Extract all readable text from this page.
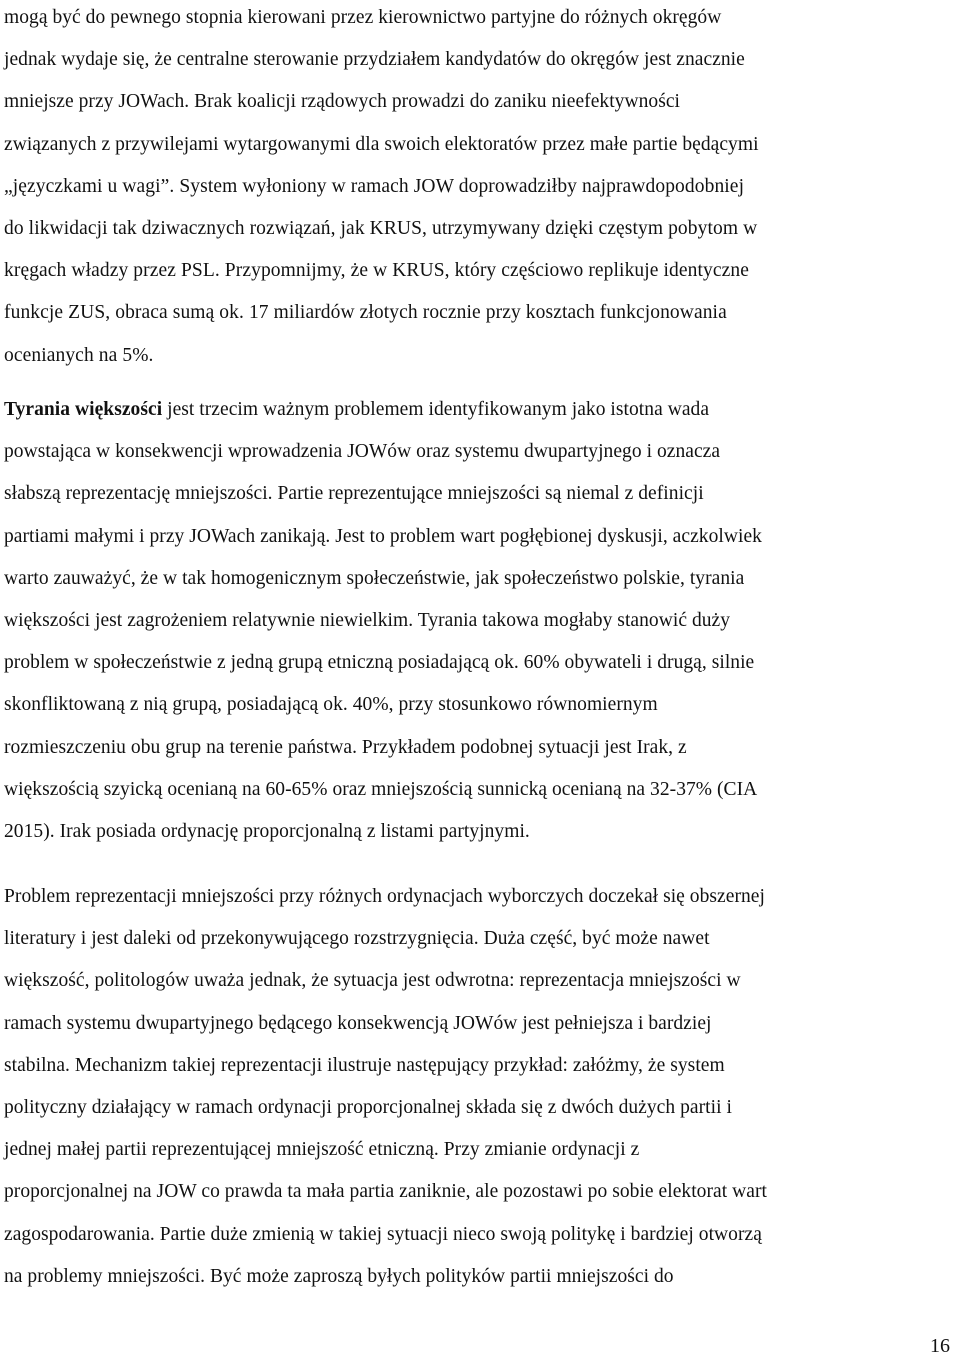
mogą być do pewnego stopnia kierowani przez kierownictwo partyjne do różnych okręgów
jednak wydaje się, że centralne sterowanie przydziałem kandydatów do okręgów jest znacznie
mniejsze przy JOWach. Brak koalicji rządowych prowadzi do zaniku nieefektywności
związanych z przywilejami wytargowanymi dla swoich elektoratów przez małe partie będącymi
„języczkami u wagi”. System wyłoniony w ramach JOW doprowadziłby najprawdopodobniej
do likwidacji tak dziwacznych rozwiązań, jak KRUS, utrzymywany dzięki częstym pobytom w
kręgach władzy przez PSL. Przypomnijmy, że w KRUS, który częściowo replikuje identyczne
funkcje ZUS, obraca sumą ok. 17 miliardów złotych rocznie przy kosztach funkcjonowania
ocenianych na 5%.

Tyrania większości jest trzecim ważnym problemem identyfikowanym jako istotna wada
powstająca w konsekwencji wprowadzenia JOWów oraz systemu dwupartyjnego i oznacza
słabszą reprezentację mniejszości. Partie reprezentujące mniejszości są niemal z definicji
partiami małymi i przy JOWach zanikają. Jest to problem wart pogłębionej dyskusji, aczkolwiek
warto zauważyć, że w tak homogenicznym społeczeństwie, jak społeczeństwo polskie, tyrania
większości jest zagrożeniem relatywnie niewielkim. Tyrania takowa mogłaby stanowić duży
problem w społeczeństwie z jedną grupą etniczną posiadającą ok. 60% obywateli i drugą, silnie
skonfliktowaną z nią grupą, posiadającą ok. 40%, przy stosunkowo równomiernym
rozmieszczeniu obu grup na terenie państwa. Przykładem podobnej sytuacji jest Irak, z
większością szyicką ocenianą na 60-65% oraz mniejszością sunnicką ocenianą na 32-37% (CIA
2015). Irak posiada ordynację proporcjonalną z listami partyjnymi.

Problem reprezentacji mniejszości przy różnych ordynacjach wyborczych doczekał się obszernej
literatury i jest daleki od przekonywującego rozstrzygnięcia. Duża część, być może nawet
większość, politologów uważa jednak, że sytuacja jest odwrotna: reprezentacja mniejszości w
ramach systemu dwupartyjnego będącego konsekwencją JOWów jest pełniejsza i bardziej
stabilna. Mechanizm takiej reprezentacji ilustruje następujący przykład: załóżmy, że system
polityczny działający w ramach ordynacji proporcjonalnej składa się z dwóch dużych partii i
jednej małej partii reprezentującej mniejszość etniczną. Przy zmianie ordynacji z
proporcjonalnej na JOW co prawda ta mała partia zaniknie, ale pozostawi po sobie elektorat wart
zagospodarowania. Partie duże zmienią w takiej sytuacji nieco swoją politykę i bardziej otworzą
na problemy mniejszości. Być może zaproszą byłych polityków partii mniejszości do

16
